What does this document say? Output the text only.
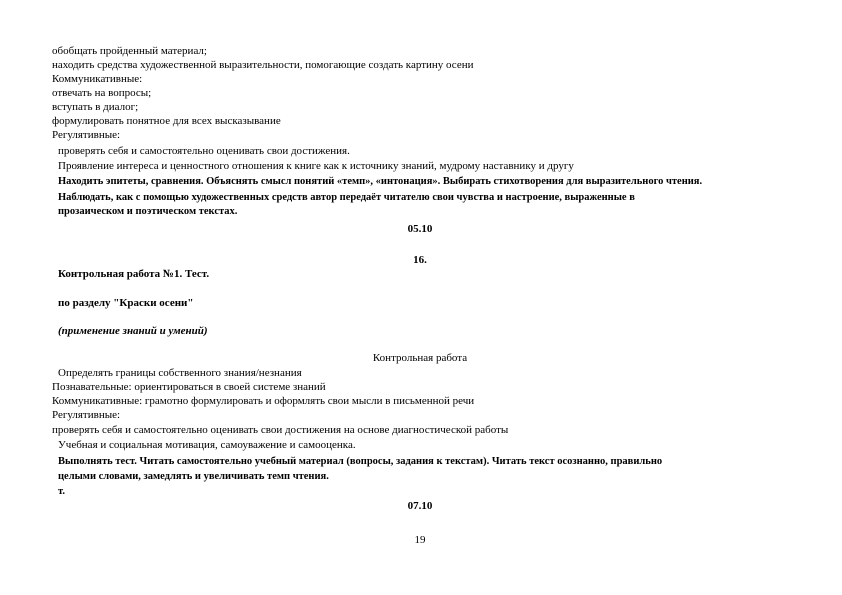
обобщать пройденный материал;
находить средства художественной выразительности, помогающие создать картину осени
Коммуникативные:
отвечать на вопросы;
вступать в диалог;
формулировать понятное для всех высказывание
Регулятивные:
проверять себя и самостоятельно оценивать свои достижения.
Проявление интереса и ценностного отношения к книге как к источнику знаний, мудрому наставнику и другу
Находить эпитеты, сравнения. Объяснять смысл понятий «темп», «интонация». Выбирать стихотворения для выразительного чтения.
Наблюдать, как с помощью художественных средств автор передаёт читателю свои чувства и настроение, выраженные в
прозаическом и поэтическом текстах.
05.10
16.
Контрольная работа №1. Тест.
по разделу "Краски осени"
(применение знаний и умений)
Контрольная работа
Определять границы собственного знания/незнания
Познавательные: ориентироваться в своей системе знаний
Коммуникативные: грамотно формулировать и оформлять свои мысли в письменной речи
Регулятивные:
проверять себя и самостоятельно оценивать свои достижения на основе диагностической работы
Учебная и социальная мотивация, самоуважение и самооценка.
Выполнять тест. Читать самостоятельно учебный материал (вопросы, задания к текстам). Читать текст осознанно, правильно
целыми словами, замедлять и увеличивать темп чтения.
т.
07.10
19
